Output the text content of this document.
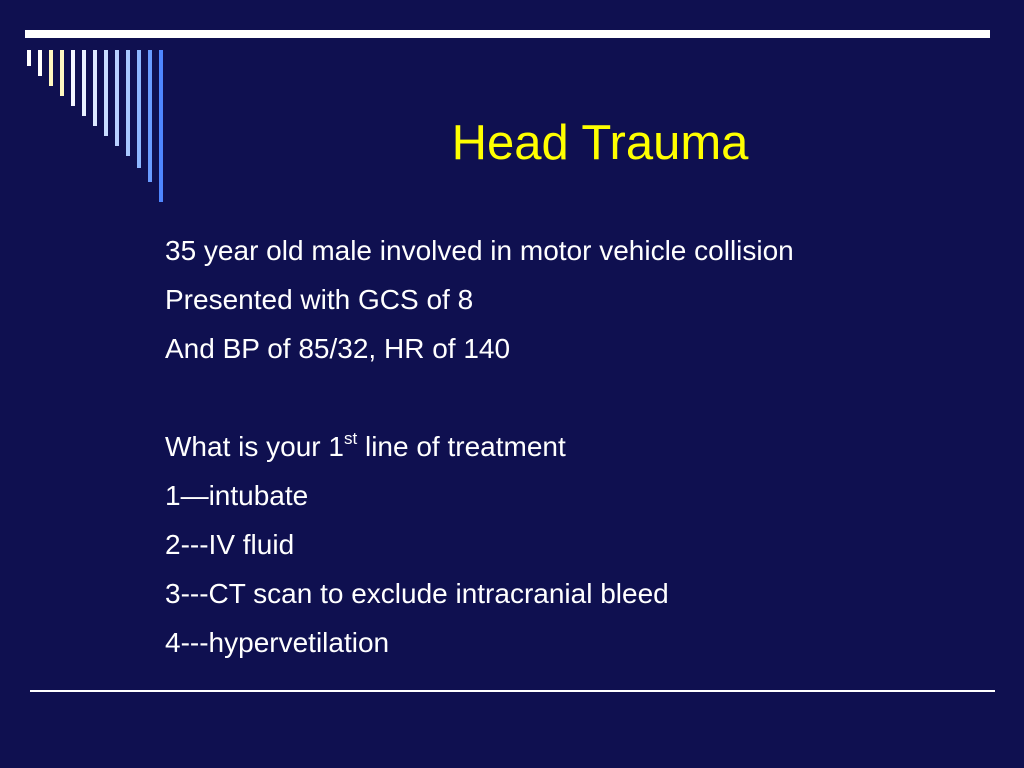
Head Trauma
35 year old male involved in motor vehicle collision
Presented with GCS of 8
And BP of 85/32, HR of 140
What is your 1st line of treatment
1—intubate
2---IV fluid
3---CT scan to exclude intracranial bleed
4---hypervetilation
